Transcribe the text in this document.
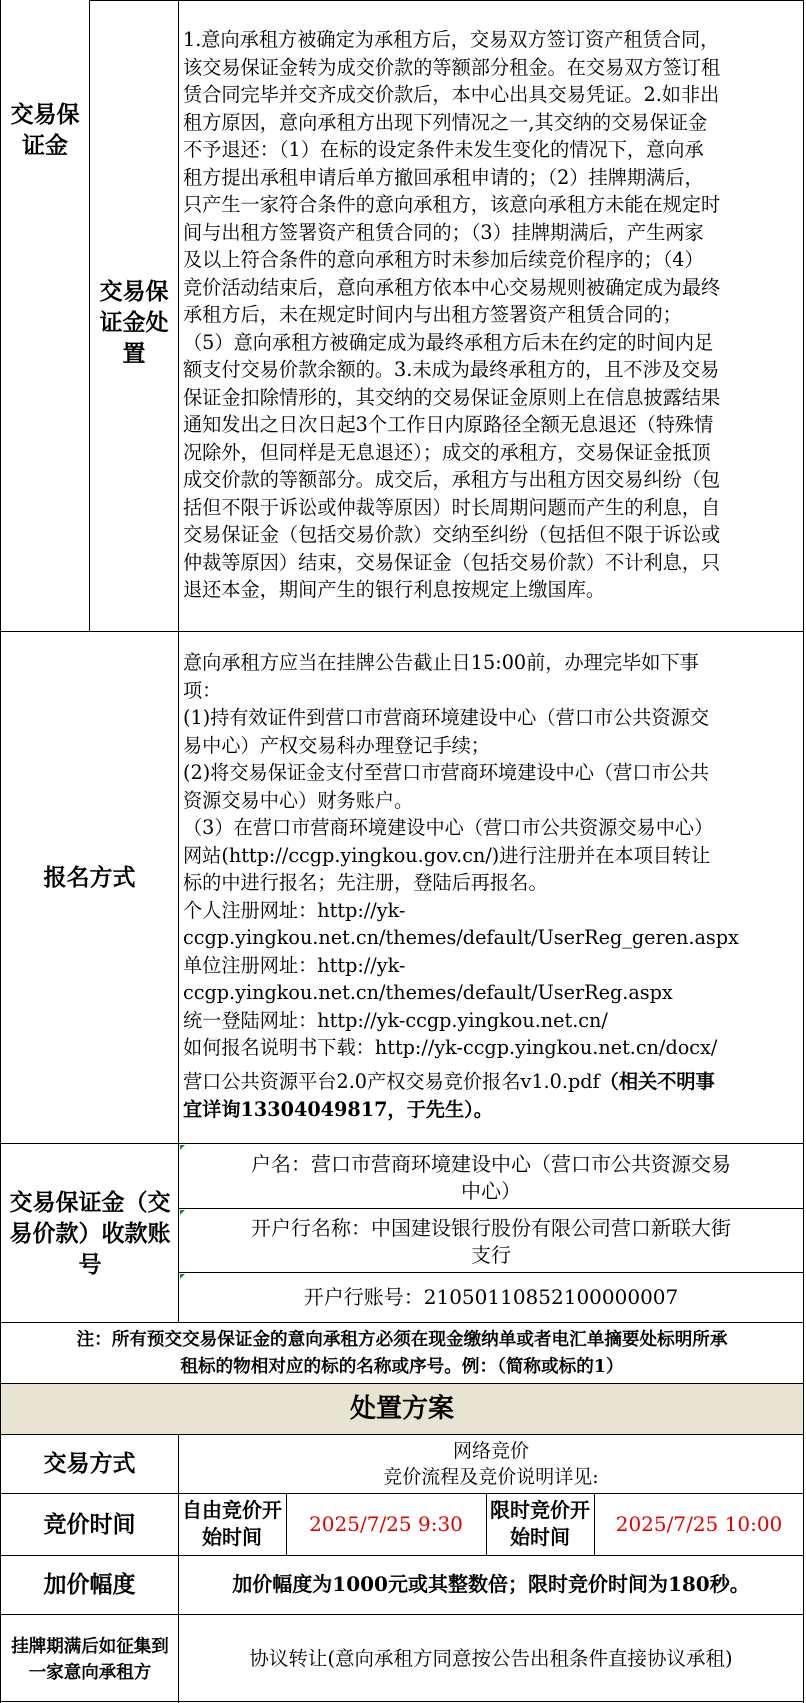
交易保证金
交易保证金处置
1.意向承租方被确定为承租方后，交易双方签订资产租赁合同，
该交易保证金转为成交价款的等额部分租金。在交易双方签订租
赁合同完毕并交齐成交价款后，本中心出具交易凭证。2.如非出
租方原因，意向承租方出现下列情况之一,其交纳的交易保证金
不予退还：（1）在标的设定条件未发生变化的情况下，意向承
租方提出承租申请后单方撤回承租申请的；（2）挂牌期满后，
只产生一家符合条件的意向承租方，该意向承租方未能在规定时
间与出租方签署资产租赁合同的；（3）挂牌期满后，产生两家
及以上符合条件的意向承租方时未参加后续竞价程序的；（4）
竞价活动结束后，意向承租方依本中心交易规则被确定成为最终
承租方后，未在规定时间内与出租方签署资产租赁合同的；
（5）意向承租方被确定成为最终承租方后未在约定的时间内足
额支付交易价款余额的。3.未成为最终承租方的，且不涉及交易
保证金扣除情形的，其交纳的交易保证金原则上在信息披露结果
通知发出之日次日起3个工作日内原路径全额无息退还（特殊情
况除外，但同样是无息退还）；成交的承租方，交易保证金抵顶
成交价款的等额部分。成交后，承租方与出租方因交易纠纷（包
括但不限于诉讼或仲裁等原因）时长周期问题而产生的利息，自
交易保证金（包括交易价款）交纳至纠纷（包括但不限于诉讼或
仲裁等原因）结束，交易保证金（包括交易价款）不计利息，只
退还本金，期间产生的银行利息按规定上缴国库。
报名方式
意向承租方应当在挂牌公告截止日15:00前，办理完毕如下事
项：
(1)持有效证件到营口市营商环境建设中心（营口市公共资源交
易中心）产权交易科办理登记手续；
(2)将交易保证金支付至营口市营商环境建设中心（营口市公共
资源交易中心）财务账户。
（3）在营口市营商环境建设中心（营口市公共资源交易中心）
网站(http://ccgp.yingkou.gov.cn/)进行注册并在本项目转让
标的中进行报名；先注册，登陆后再报名。
个人注册网址：http://yk-
ccgp.yingkou.net.cn/themes/default/UserReg_geren.aspx
单位注册网址：http://yk-
ccgp.yingkou.net.cn/themes/default/UserReg.aspx
统一登陆网址：http://yk-ccgp.yingkou.net.cn/
如何报名说明书下载：http://yk-ccgp.yingkou.net.cn/docx/
营口公共资源平台2.0产权交易竞价报名v1.0.pdf（相关不明事
宜详询13304049817，于先生）。
交易保证金（交易价款）收款账号
户名：营口市营商环境建设中心（营口市公共资源交易
中心）
开户行名称：中国建设银行股份有限公司营口新联大街
支行
开户行账号：21050110852100000007
注：所有预交交易保证金的意向承租方必须在现金缴纳单或者电汇单摘要处标明所承
租标的物相对应的标的名称或序号。例：（简称或标的1）
处置方案
交易方式	网络竞价
竞价流程及竞价说明详见:
竞价时间
自由竞价开始时间
2025/7/25 9:30
限时竞价开始时间
2025/7/25 10:00
加价幅度	加价幅度为1000元或其整数倍；限时竞价时间为180秒。
挂牌期满后如征集到一家意向承租方
协议转让(意向承租方同意按公告出租条件直接协议承租)
